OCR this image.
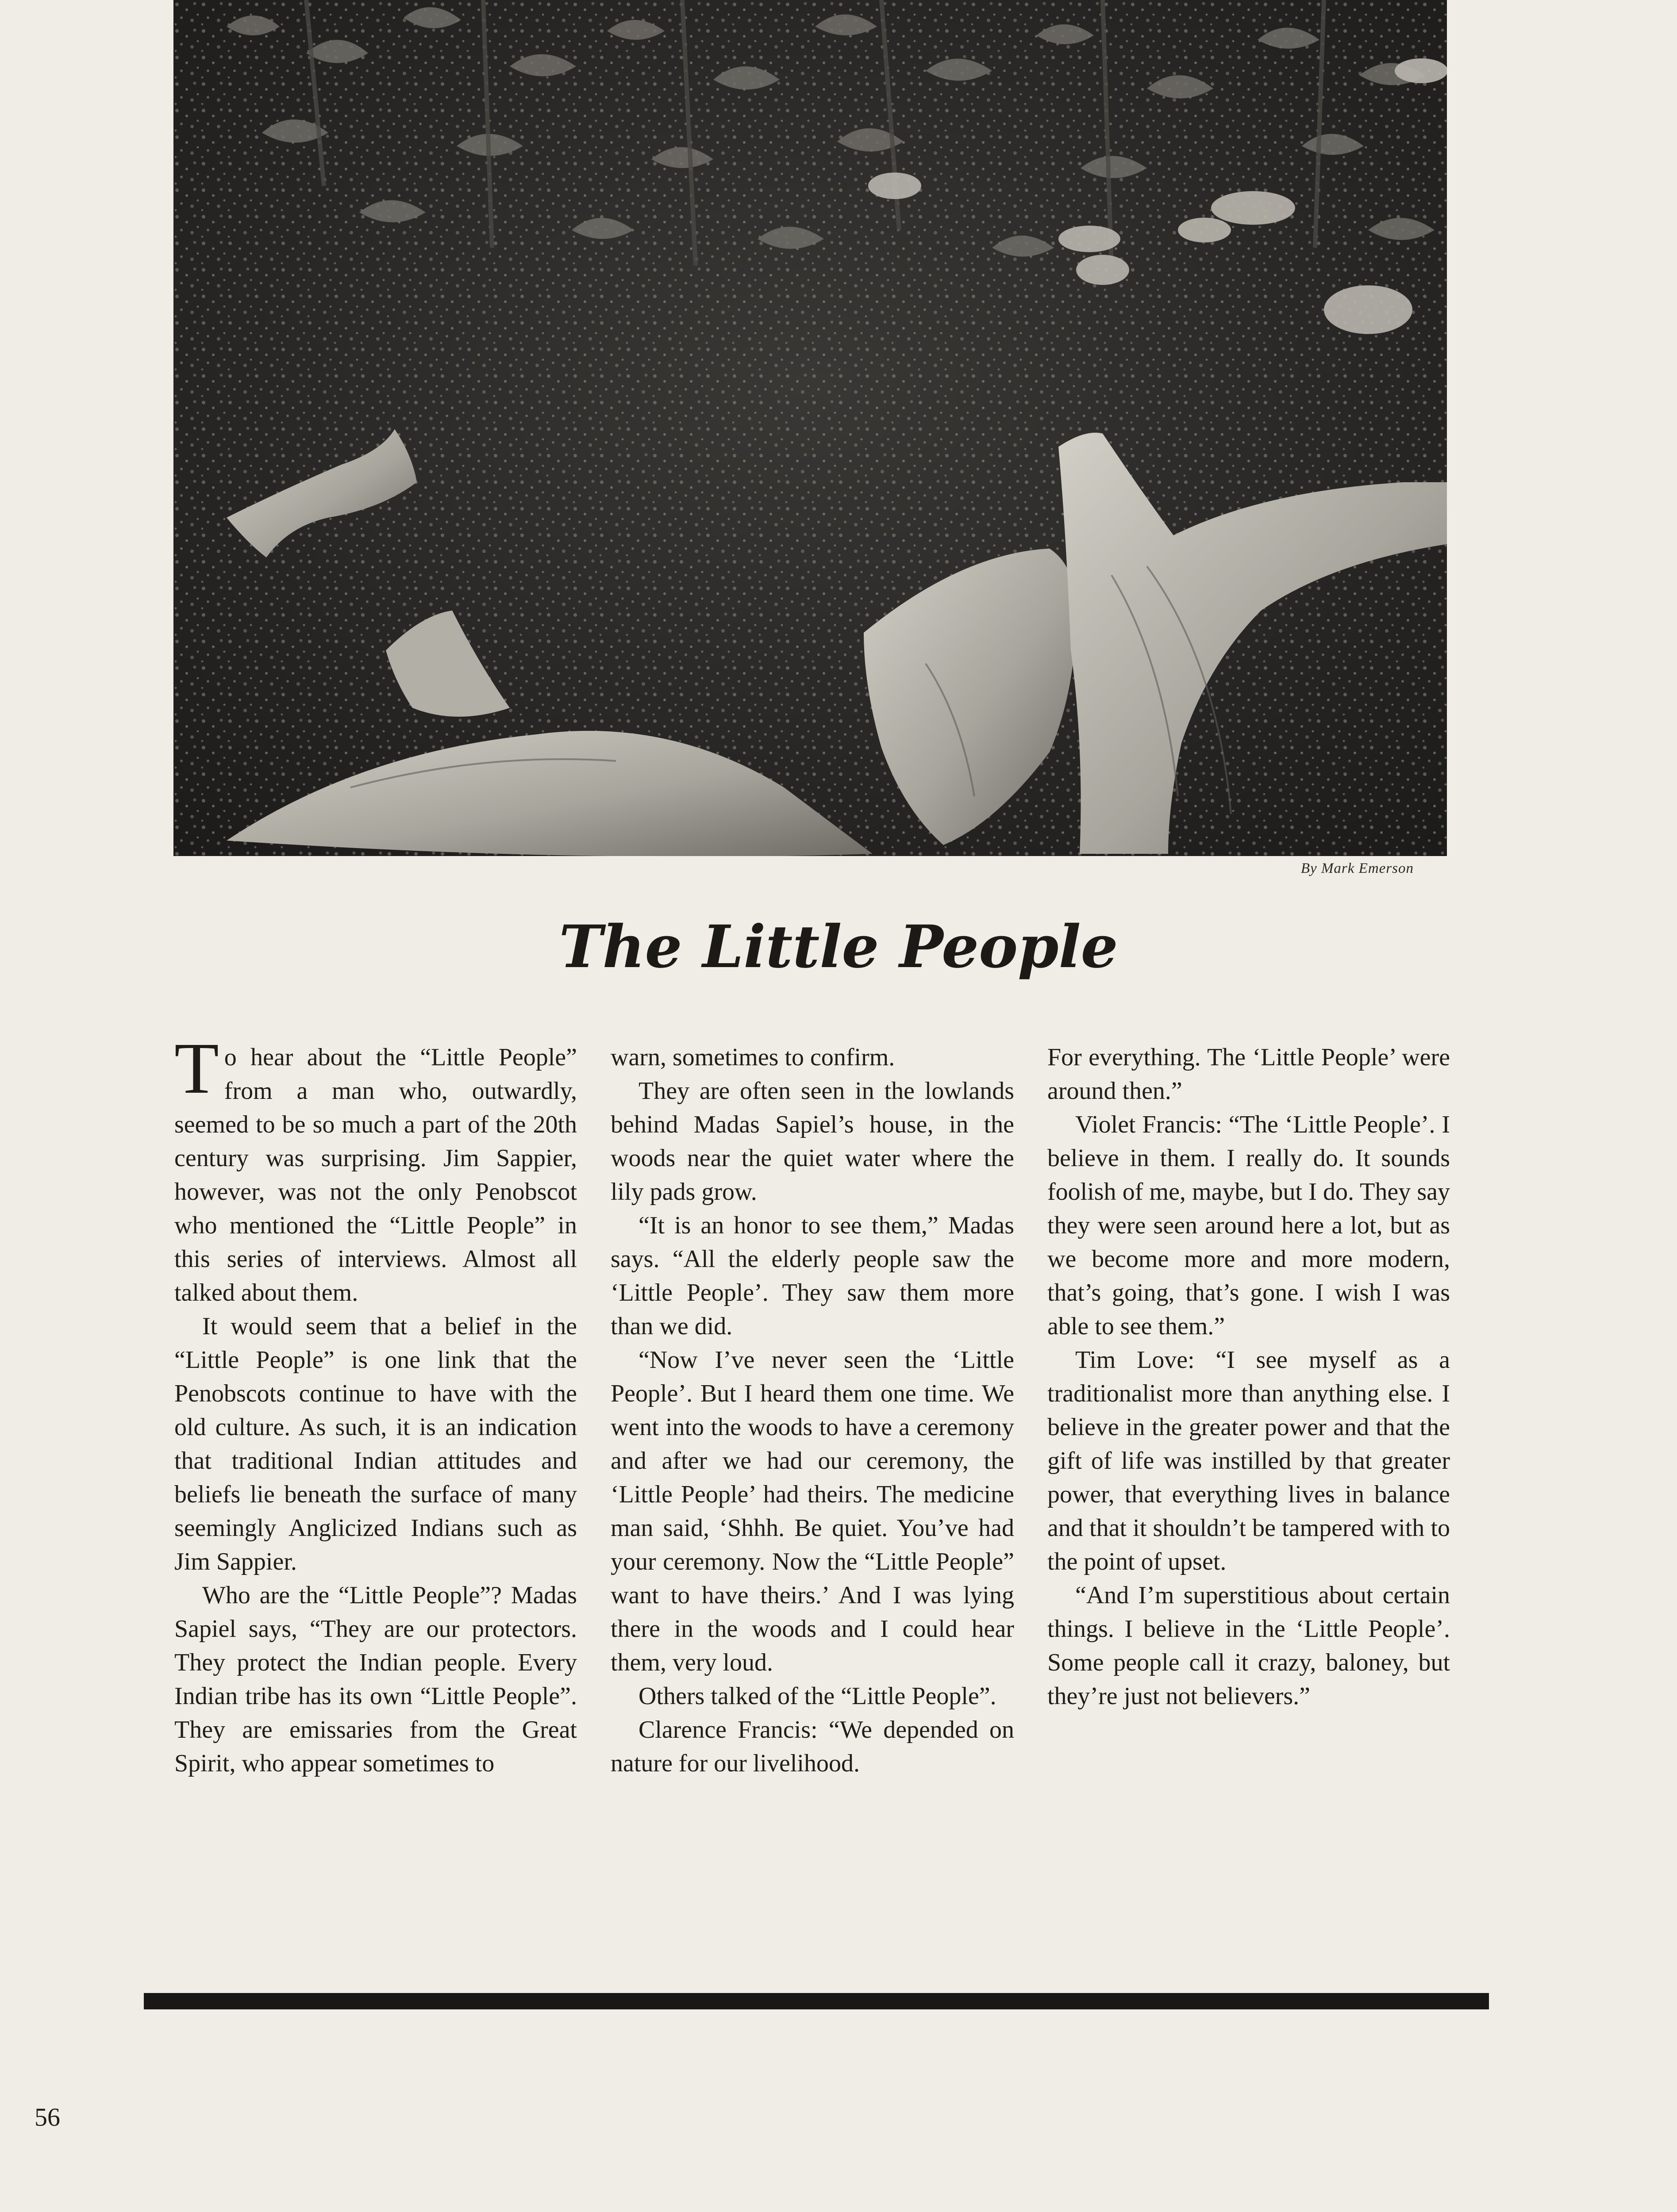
By Mark Emerson
The Little People

To hear about the “Little People” from a man who, outwardly, seemed to be so much a part of the 20th century was surprising. Jim Sappier, however, was not the only Penobscot who mentioned the “Little People” in this series of interviews. Almost all talked about them.

It would seem that a belief in the “Little People” is one link that the Penobscots continue to have with the old culture. As such, it is an indication that traditional Indian attitudes and beliefs lie beneath the surface of many seemingly Anglicized Indians such as Jim Sappier.

Who are the “Little People”? Madas Sapiel says, “They are our protectors. They protect the Indian people. Every Indian tribe has its own “Little People”. They are emissaries from the Great Spirit, who appear sometimes to

warn, sometimes to confirm.

They are often seen in the lowlands behind Madas Sapiel’s house, in the woods near the quiet water where the lily pads grow.

“It is an honor to see them,” Madas says. “All the elderly people saw the ‘Little People’. They saw them more than we did.

“Now I’ve never seen the ‘Little People’. But I heard them one time. We went into the woods to have a ceremony and after we had our ceremony, the ‘Little People’ had theirs. The medicine man said, ‘Shhh. Be quiet. You’ve had your ceremony. Now the “Little People” want to have theirs.’ And I was lying there in the woods and I could hear them, very loud.

Others talked of the “Little People”.

Clarence Francis: “We depended on nature for our livelihood.

For everything. The ‘Little People’ were around then.”

Violet Francis: “The ‘Little People’. I believe in them. I really do. It sounds foolish of me, maybe, but I do. They say they were seen around here a lot, but as we become more and more modern, that’s going, that’s gone. I wish I was able to see them.”

Tim Love: “I see myself as a traditionalist more than anything else. I believe in the greater power and that the gift of life was instilled by that greater power, that everything lives in balance and that it shouldn’t be tampered with to the point of upset.

“And I’m superstitious about certain things. I believe in the ‘Little People’. Some people call it crazy, baloney, but they’re just not believers.”

56
